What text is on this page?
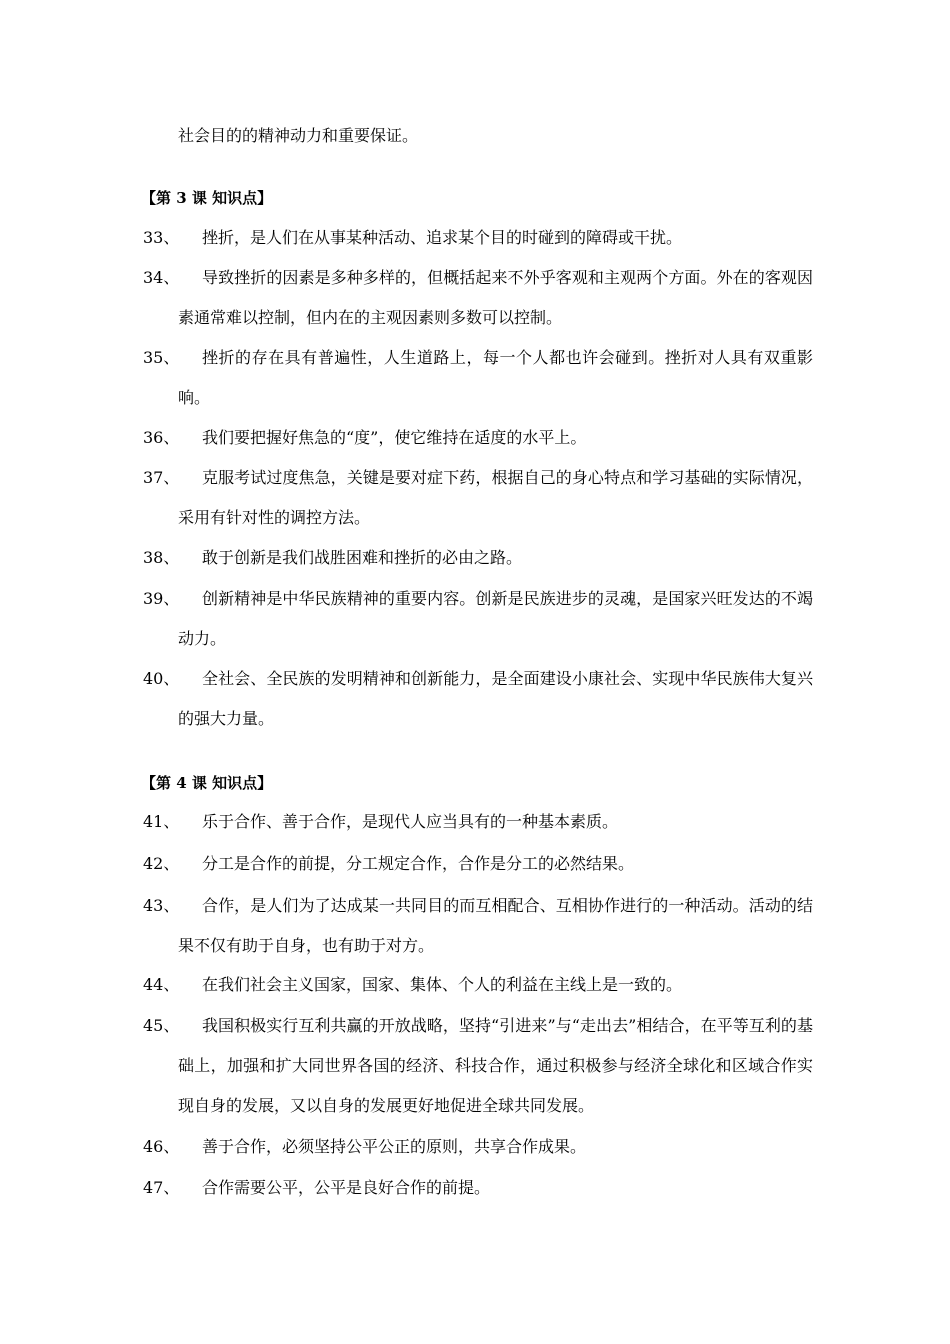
社会目的的精神动力和重要保证。
【第 3 课 知识点】
33、	挫折，是人们在从事某种活动、追求某个目的时碰到的障碍或干扰。
34、	导致挫折的因素是多种多样的，但概括起来不外乎客观和主观两个方面。外在的客观因素通常难以控制，但内在的主观因素则多数可以控制。
35、	挫折的存在具有普遍性，人生道路上，每一个人都也许会碰到。挫折对人具有双重影响。
36、	我们要把握好焦急的“度”，使它维持在适度的水平上。
37、	克服考试过度焦急，关键是要对症下药，根据自己的身心特点和学习基础的实际情况，采用有针对性的调控方法。
38、	敢于创新是我们战胜困难和挫折的必由之路。
39、	创新精神是中华民族精神的重要内容。创新是民族进步的灵魂，是国家兴旺发达的不竭动力。
40、	全社会、全民族的发明精神和创新能力，是全面建设小康社会、实现中华民族伟大复兴的强大力量。
【第 4 课 知识点】
41、	乐于合作、善于合作，是现代人应当具有的一种基本素质。
42、	分工是合作的前提，分工规定合作，合作是分工的必然结果。
43、	合作，是人们为了达成某一共同目的而互相配合、互相协作进行的一种活动。活动的结果不仅有助于自身，也有助于对方。
44、	在我们社会主义国家，国家、集体、个人的利益在主线上是一致的。
45、	我国积极实行互利共赢的开放战略，坚持“引进来”与“走出去”相结合，在平等互利的基础上，加强和扩大同世界各国的经济、科技合作，通过积极参与经济全球化和区域合作实现自身的发展，又以自身的发展更好地促进全球共同发展。
46、	善于合作，必须坚持公平公正的原则，共享合作成果。
47、	合作需要公平，公平是良好合作的前提。
